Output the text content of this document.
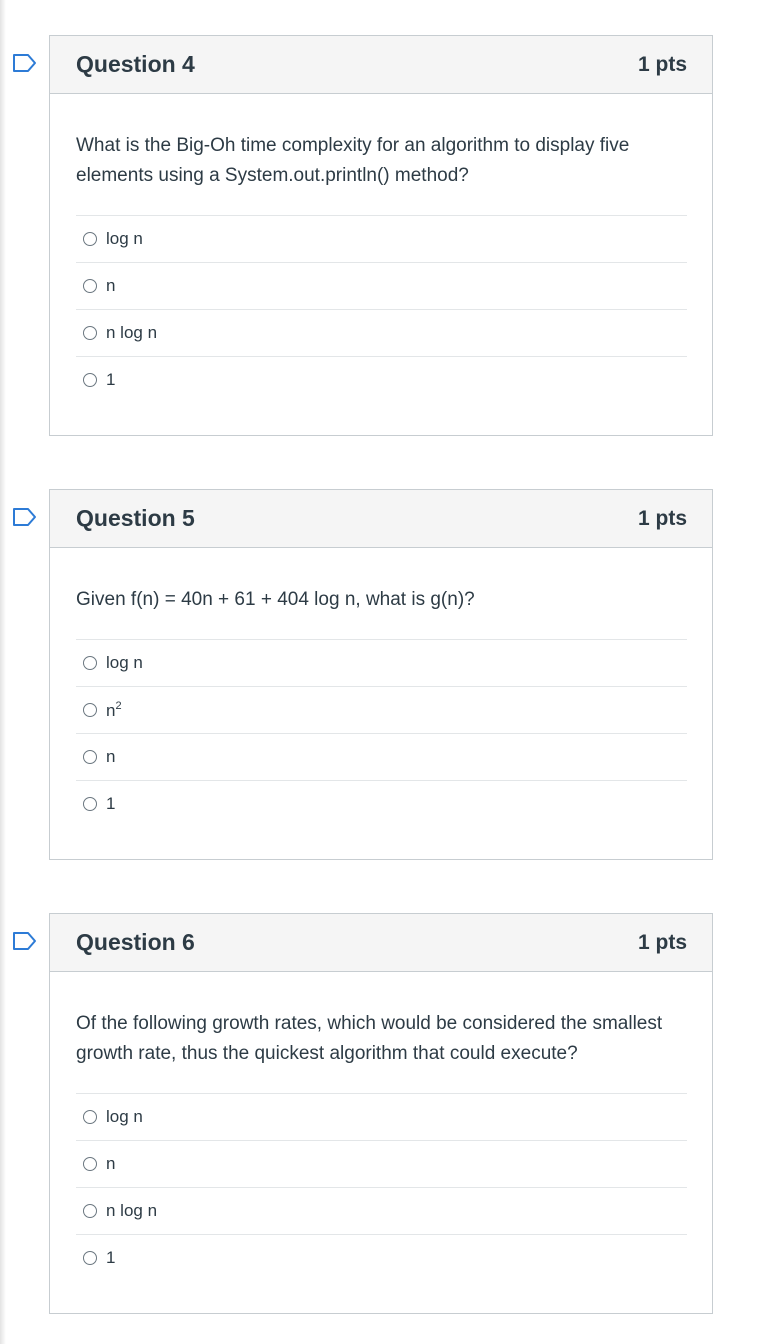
Question 4	1 pts

What is the Big-Oh time complexity for an algorithm to display five elements using a System.out.println() method?

log n
n
n log n
1
Question 5	1 pts

Given f(n) = 40n + 61 + 404 log n, what is g(n)?

log n
$n^2$
n
1
Question 6	1 pts

Of the following growth rates, which would be considered the smallest growth rate, thus the quickest algorithm that could execute?

log n
n
n log n
1
